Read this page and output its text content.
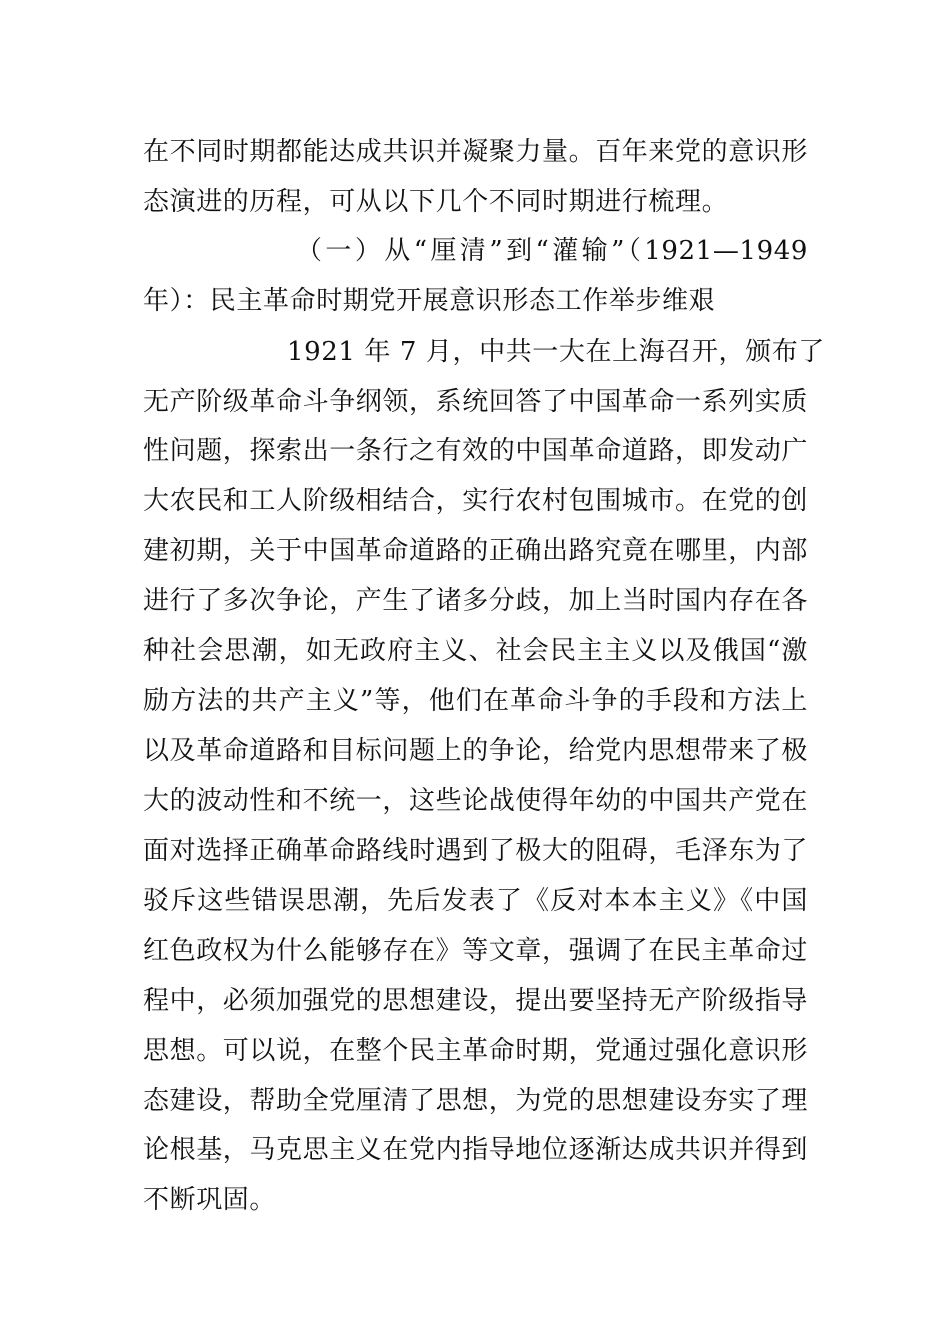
在不同时期都能达成共识并凝聚力量。百年来党的意识形
态演进的历程，可从以下几个不同时期进行梳理。
（一）从“厘清”到“灌输”（1921—1949
年）：民主革命时期党开展意识形态工作举步维艰
1921 年 7 月，中共一大在上海召开，颁布了
无产阶级革命斗争纲领，系统回答了中国革命一系列实质
性问题，探索出一条行之有效的中国革命道路，即发动广
大农民和工人阶级相结合，实行农村包围城市。在党的创
建初期，关于中国革命道路的正确出路究竟在哪里，内部
进行了多次争论，产生了诸多分歧，加上当时国内存在各
种社会思潮，如无政府主义、社会民主主义以及俄国“激
励方法的共产主义”等，他们在革命斗争的手段和方法上
以及革命道路和目标问题上的争论，给党内思想带来了极
大的波动性和不统一，这些论战使得年幼的中国共产党在
面对选择正确革命路线时遇到了极大的阻碍，毛泽东为了
驳斥这些错误思潮，先后发表了《反对本本主义》《中国
红色政权为什么能够存在》等文章，强调了在民主革命过
程中，必须加强党的思想建设，提出要坚持无产阶级指导
思想。可以说，在整个民主革命时期，党通过强化意识形
态建设，帮助全党厘清了思想，为党的思想建设夯实了理
论根基，马克思主义在党内指导地位逐渐达成共识并得到
不断巩固。
